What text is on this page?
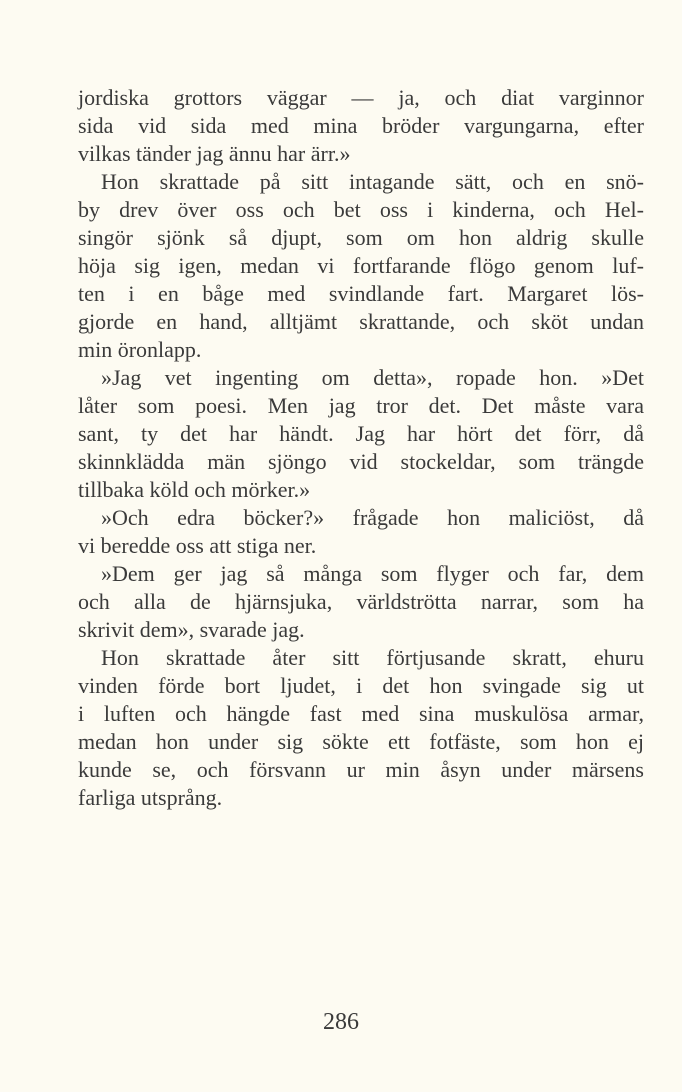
jordiska grottors väggar — ja, och diat varginnor
sida vid sida med mina bröder vargungarna, efter
vilkas tänder jag ännu har ärr.»
Hon skrattade på sitt intagande sätt, och en snö-
by drev över oss och bet oss i kinderna, och Hel-
singör sjönk så djupt, som om hon aldrig skulle
höja sig igen, medan vi fortfarande flögo genom luf-
ten i en båge med svindlande fart. Margaret lös-
gjorde en hand, alltjämt skrattande, och sköt undan
min öronlapp.
»Jag vet ingenting om detta», ropade hon. »Det
låter som poesi. Men jag tror det. Det måste vara
sant, ty det har händt. Jag har hört det förr, då
skinnklädda män sjöngo vid stockeldar, som trängde
tillbaka köld och mörker.»
»Och edra böcker?» frågade hon maliciöst, då
vi beredde oss att stiga ner.
»Dem ger jag så många som flyger och far, dem
och alla de hjärnsjuka, världströtta narrar, som ha
skrivit dem», svarade jag.
Hon skrattade åter sitt förtjusande skratt, ehuru
vinden förde bort ljudet, i det hon svingade sig ut
i luften och hängde fast med sina muskulösa armar,
medan hon under sig sökte ett fotfäste, som hon ej
kunde se, och försvann ur min åsyn under märsens
farliga utsprång.
286
